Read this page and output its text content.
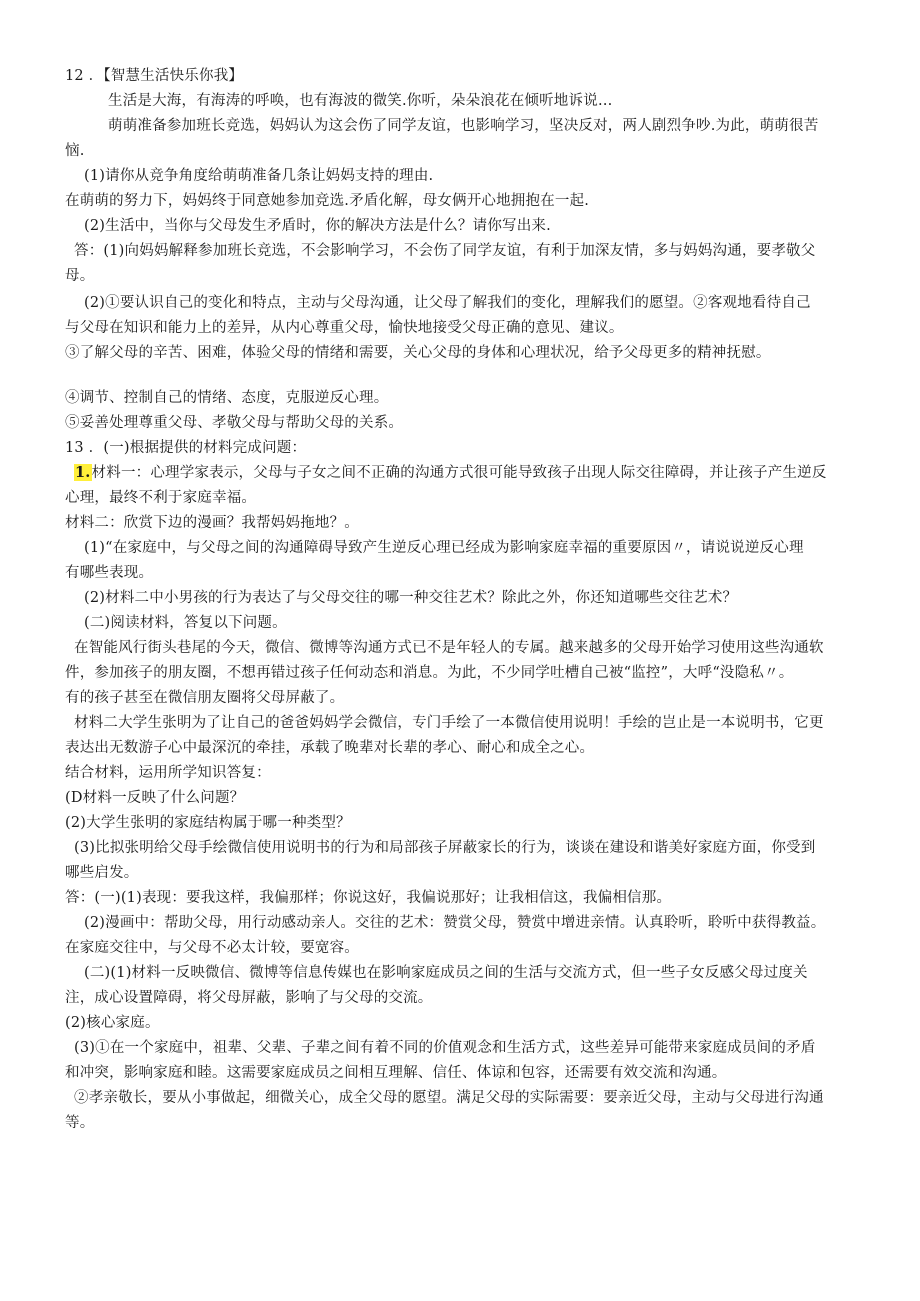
12 ．【智慧生活快乐你我】
生活是大海，有海涛的呼唤，也有海波的微笑.你听，朵朵浪花在倾听地诉说…
萌萌准备参加班长竞选，妈妈认为这会伤了同学友谊，也影响学习，坚决反对，两人剧烈争吵.为此，萌萌很苦
恼.
(1)请你从竞争角度给萌萌准备几条让妈妈支持的理由.
在萌萌的努力下，妈妈终于同意她参加竞选.矛盾化解，母女俩开心地拥抱在一起.
(2)生活中，当你与父母发生矛盾时，你的解决方法是什么？请你写出来.
答：(1)向妈妈解释参加班长竞选，不会影响学习，不会伤了同学友谊，有利于加深友情，多与妈妈沟通，要孝敬父
母。
(2)①要认识自己的变化和特点，主动与父母沟通，让父母了解我们的变化，理解我们的愿望。②客观地看待自己
与父母在知识和能力上的差异，从内心尊重父母，愉快地接受父母正确的意见、建议。
③了解父母的辛苦、困难，体验父母的情绪和需要，关心父母的身体和心理状况，给予父母更多的精神抚慰。
④调节、控制自己的情绪、态度，克服逆反心理。
⑤妥善处理尊重父母、孝敬父母与帮助父母的关系。
13 ．(一)根据提供的材料完成问题：
1.材料一：心理学家表示，父母与子女之间不正确的沟通方式很可能导致孩子出现人际交往障碍，并让孩子产生逆反
心理，最终不利于家庭幸福。
材料二：欣赏下边的漫画？我帮妈妈拖地？。
(1)“在家庭中，与父母之间的沟通障碍导致产生逆反心理已经成为影响家庭幸福的重要原因〃，请说说逆反心理
有哪些表现。
(2)材料二中小男孩的行为表达了与父母交往的哪一种交往艺术？除此之外，你还知道哪些交往艺术？
(二)阅读材料，答复以下问题。
在智能风行街头巷尾的今天，微信、微博等沟通方式已不是年轻人的专属。越来越多的父母开始学习使用这些沟通软
件，参加孩子的朋友圈，不想再错过孩子任何动态和消息。为此，不少同学吐槽自己被“监控”，大呼“没隐私〃。
有的孩子甚至在微信朋友圈将父母屏蔽了。
材料二大学生张明为了让自己的爸爸妈妈学会微信，专门手绘了一本微信使用说明！手绘的岂止是一本说明书，它更
表达出无数游子心中最深沉的牵挂，承载了晚辈对长辈的孝心、耐心和成全之心。
结合材料，运用所学知识答复：
(D材料一反映了什么问题？
(2)大学生张明的家庭结构属于哪一种类型？
(3)比拟张明给父母手绘微信使用说明书的行为和局部孩子屏蔽家长的行为，谈谈在建设和谐美好家庭方面，你受到
哪些启发。
答：(一)(1)表现：要我这样，我偏那样；你说这好，我偏说那好；让我相信这，我偏相信那。
(2)漫画中：帮助父母，用行动感动亲人。交往的艺术：赞赏父母，赞赏中增进亲情。认真聆听，聆听中获得教益。
在家庭交往中，与父母不必太计较，要宽容。
(二)(1)材料一反映微信、微博等信息传媒也在影响家庭成员之间的生活与交流方式，但一些子女反感父母过度关
注，成心设置障碍，将父母屏蔽，影响了与父母的交流。
(2)核心家庭。
(3)①在一个家庭中，祖辈、父辈、子辈之间有着不同的价值观念和生活方式，这些差异可能带来家庭成员间的矛盾
和冲突，影响家庭和睦。这需要家庭成员之间相互理解、信任、体谅和包容，还需要有效交流和沟通。
②孝亲敬长，要从小事做起，细微关心，成全父母的愿望。满足父母的实际需要：要亲近父母，主动与父母进行沟通
等。
